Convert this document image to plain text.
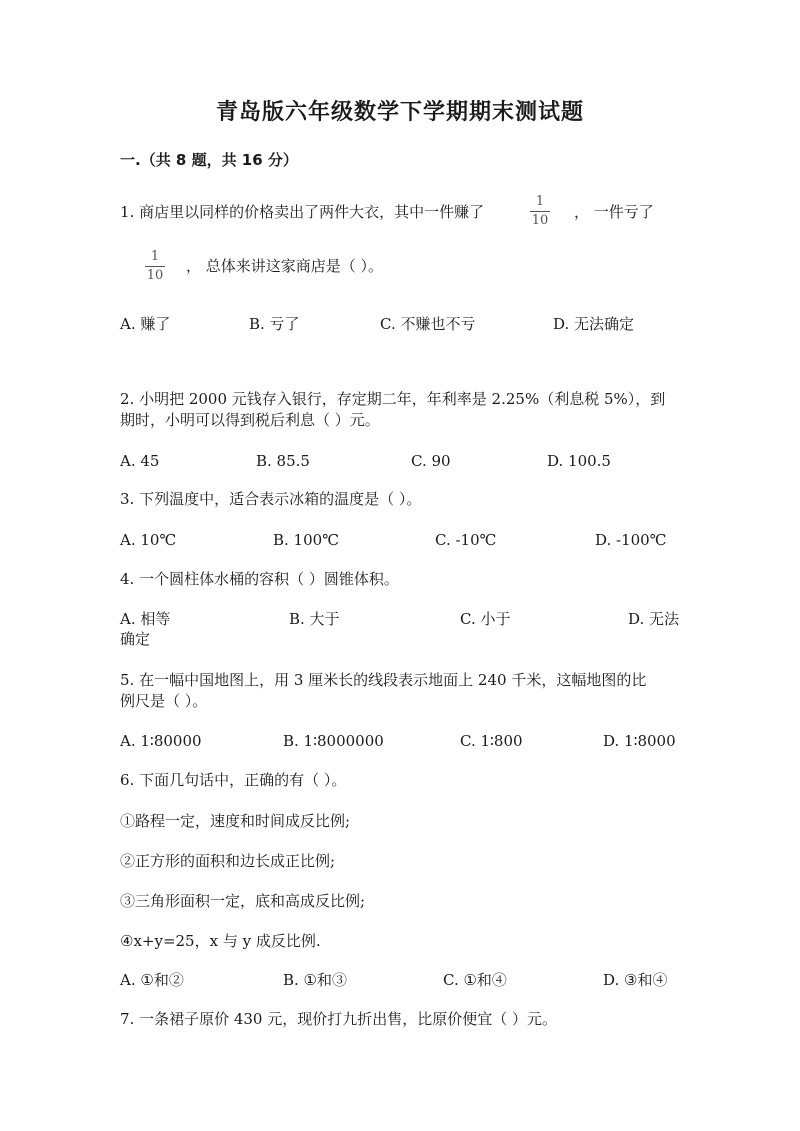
青岛版六年级数学下学期期末测试题
一.（共 8 题，共 16 分）
1. 商店里以同样的价格卖出了两件大衣，其中一件赚了
1
10	， 一件亏了
1
10
， 总体来讲这家商店是（ ）。
A. 赚了	B. 亏了	C. 不赚也不亏	D. 无法确定
2. 小明把 2000 元钱存入银行，存定期二年，年利率是 2.25%（利息税 5%），到
期时，小明可以得到税后利息（ ）元。
A. 45	B. 85.5	C. 90	D. 100.5
3. 下列温度中，适合表示冰箱的温度是（ ）。
A. 10℃	B. 100℃	C. -10℃	D. -100℃
4. 一个圆柱体水桶的容积（ ）圆锥体积。
A. 相等	B. 大于	C. 小于	D. 无法
确定
5. 在一幅中国地图上，用 3 厘米长的线段表示地面上 240 千米，这幅地图的比
例尺是（ ）。
A. 1∶80000	B. 1∶8000000	C. 1∶800	D. 1∶8000
6. 下面几句话中，正确的有（ ）。
①路程一定，速度和时间成反比例;
②正方形的面积和边长成正比例;
③三角形面积一定，底和高成反比例;
④x+y=25，x 与 y 成反比例.
A. ①和②	B. ①和③	C. ①和④	D. ③和④
7. 一条裙子原价 430 元，现价打九折出售，比原价便宜（ ）元。
